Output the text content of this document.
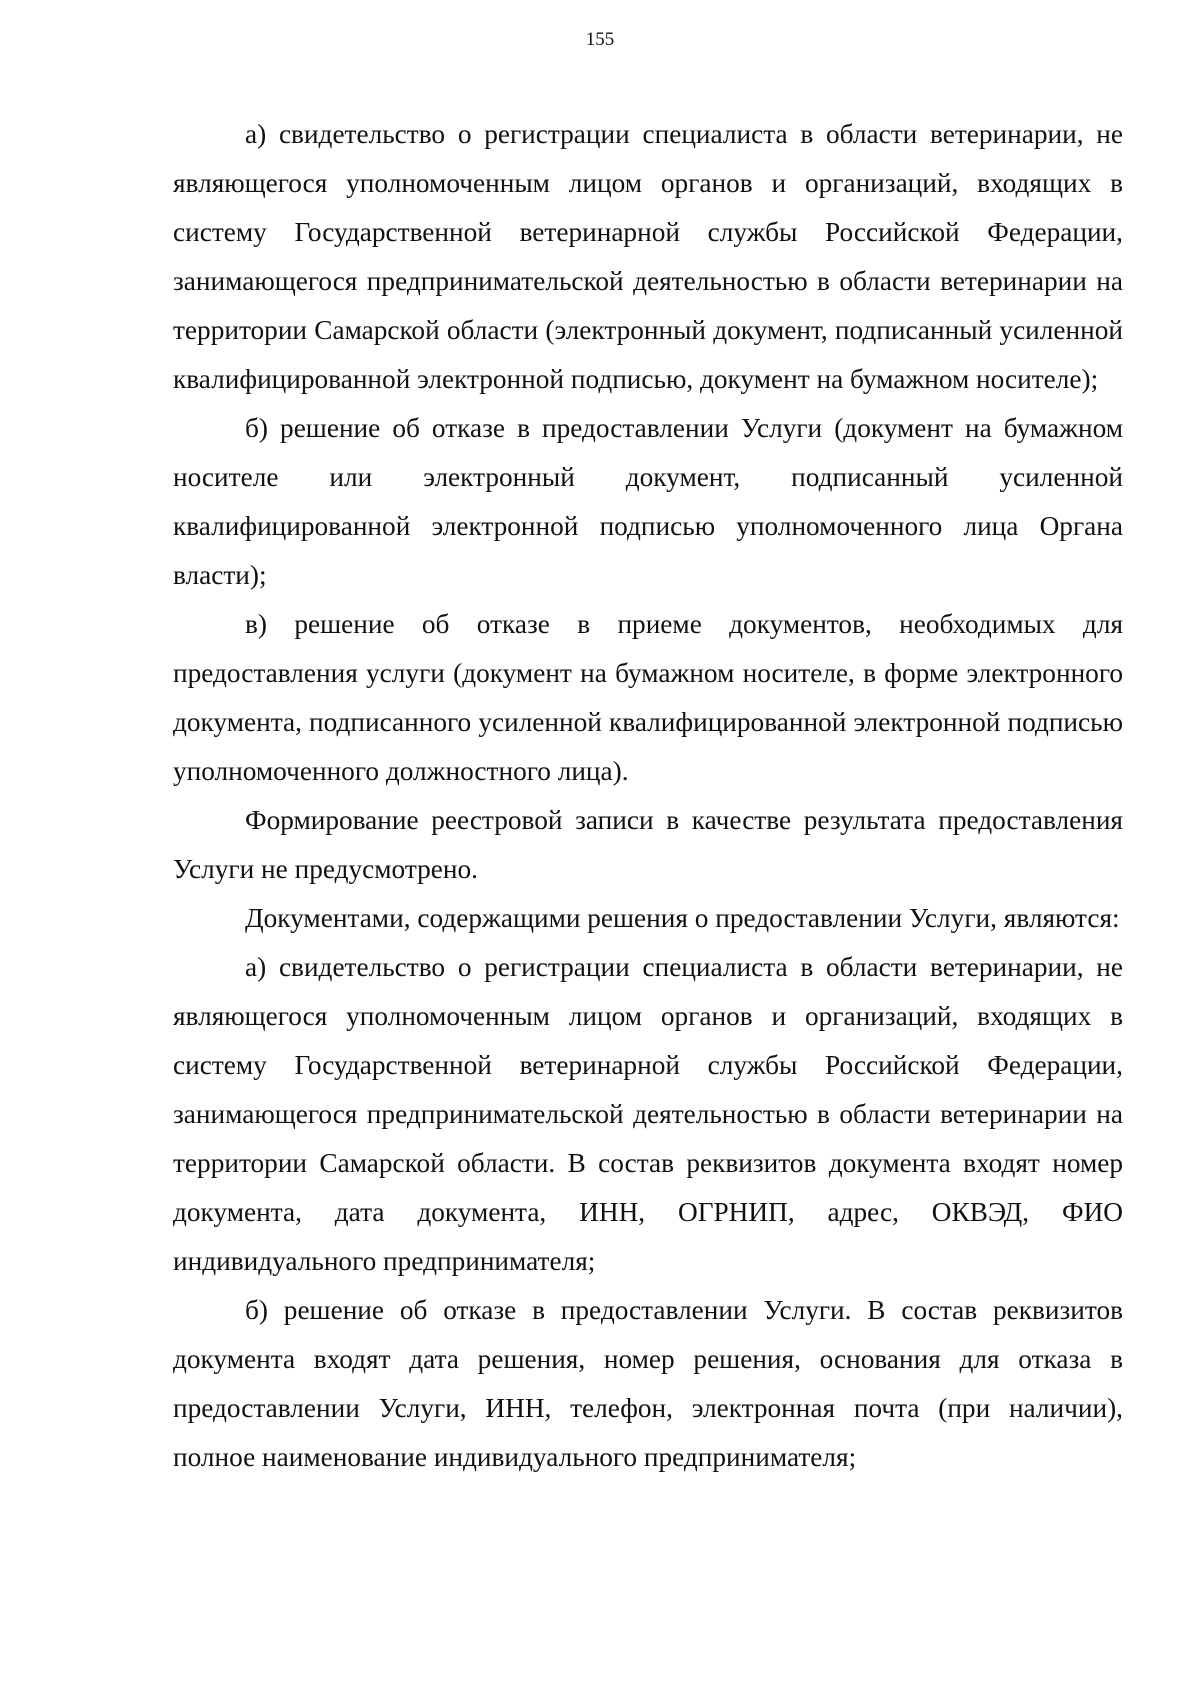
155

а) свидетельство о регистрации специалиста в области ветеринарии, не являющегося уполномоченным лицом органов и организаций, входящих в систему Государственной ветеринарной службы Российской Федерации, занимающегося предпринимательской деятельностью в области ветеринарии на территории Самарской области (электронный документ, подписанный усиленной квалифицированной электронной подписью, документ на бумажном носителе);

б) решение об отказе в предоставлении Услуги (документ на бумажном носителе или электронный документ, подписанный усиленной квалифицированной электронной подписью уполномоченного лица Органа власти);

в) решение об отказе в приеме документов, необходимых для предоставления услуги (документ на бумажном носителе, в форме электронного документа, подписанного усиленной квалифицированной электронной подписью уполномоченного должностного лица).

Формирование реестровой записи в качестве результата предоставления Услуги не предусмотрено.

Документами, содержащими решения о предоставлении Услуги, являются:

а) свидетельство о регистрации специалиста в области ветеринарии, не являющегося уполномоченным лицом органов и организаций, входящих в систему Государственной ветеринарной службы Российской Федерации, занимающегося предпринимательской деятельностью в области ветеринарии на территории Самарской области. В состав реквизитов документа входят номер документа, дата документа, ИНН, ОГРНИП, адрес, ОКВЭД, ФИО индивидуального предпринимателя;

б) решение об отказе в предоставлении Услуги. В состав реквизитов документа входят дата решения, номер решения, основания для отказа в предоставлении Услуги, ИНН, телефон, электронная почта (при наличии), полное наименование индивидуального предпринимателя;
